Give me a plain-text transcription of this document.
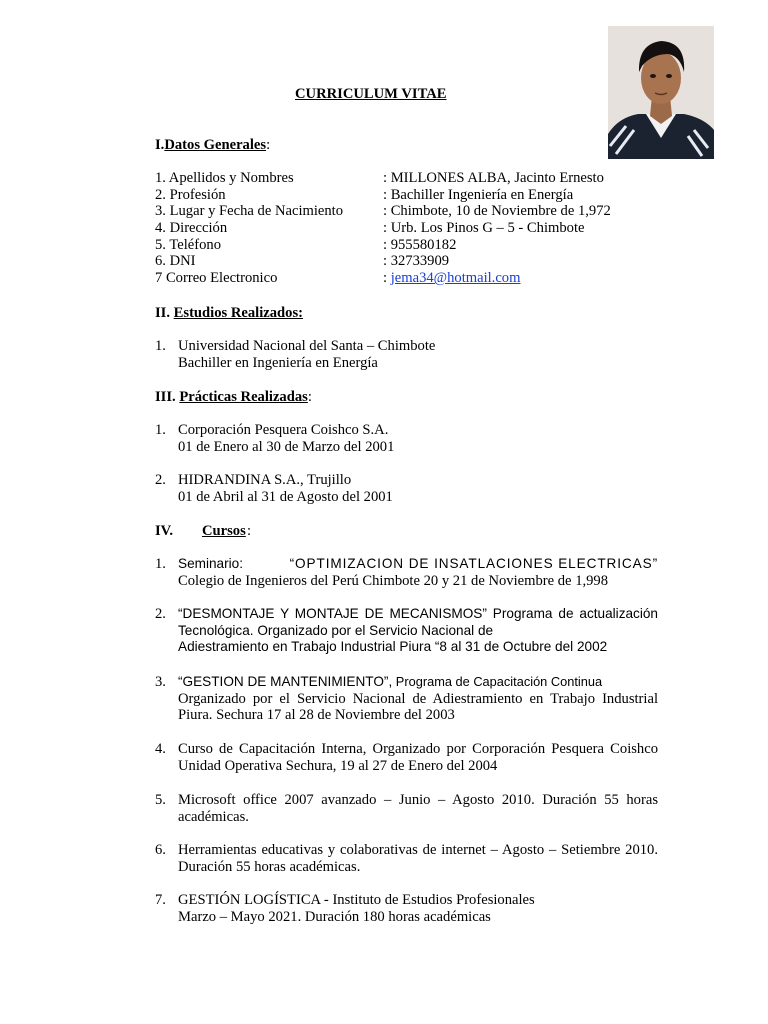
CURRICULUM VITAE
I.Datos Generales:
1. Apellidos y Nombres	: MILLONES ALBA, Jacinto Ernesto
2. Profesión	: Bachiller Ingeniería en Energía
3. Lugar y Fecha de Nacimiento	: Chimbote, 10 de Noviembre de 1,972
4. Dirección	: Urb. Los Pinos G – 5 - Chimbote
5. Teléfono	: 955580182
6. DNI	: 32733909
7 Correo Electronico	: jema34@hotmail.com
II. Estudios Realizados:
1. Universidad Nacional del Santa – Chimbote
Bachiller en Ingeniería en Energía
III. Prácticas Realizadas:
1. Corporación Pesquera Coishco S.A.
01 de Enero al 30 de Marzo del 2001
2. HIDRANDINA S.A., Trujillo
01 de Abril al 31 de Agosto del 2001
IV. Cursos :
1. Seminario:	“OPTIMIZACION DE INSATLACIONES ELECTRICAS”
Colegio de Ingenieros del Perú Chimbote 20 y 21 de Noviembre de 1,998
2. “DESMONTAJE Y MONTAJE DE MECANISMOS” Programa de actualización Tecnológica. Organizado por el Servicio Nacional de
Adiestramiento en Trabajo Industrial Piura “8 al 31 de Octubre del 2002
3. “GESTION DE MANTENIMIENTO”, Programa de Capacitación Continua
Organizado por el Servicio Nacional de Adiestramiento en Trabajo Industrial Piura. Sechura 17 al 28 de Noviembre del 2003
4. Curso de Capacitación Interna, Organizado por Corporación Pesquera Coishco Unidad Operativa Sechura, 19 al 27 de Enero del 2004
5. Microsoft office 2007 avanzado – Junio – Agosto 2010. Duración 55 horas académicas.
6. Herramientas educativas y colaborativas de internet – Agosto – Setiembre 2010. Duración 55 horas académicas.
7. GESTIÓN LOGÍSTICA - Instituto de Estudios Profesionales
Marzo – Mayo 2021. Duración 180 horas académicas
